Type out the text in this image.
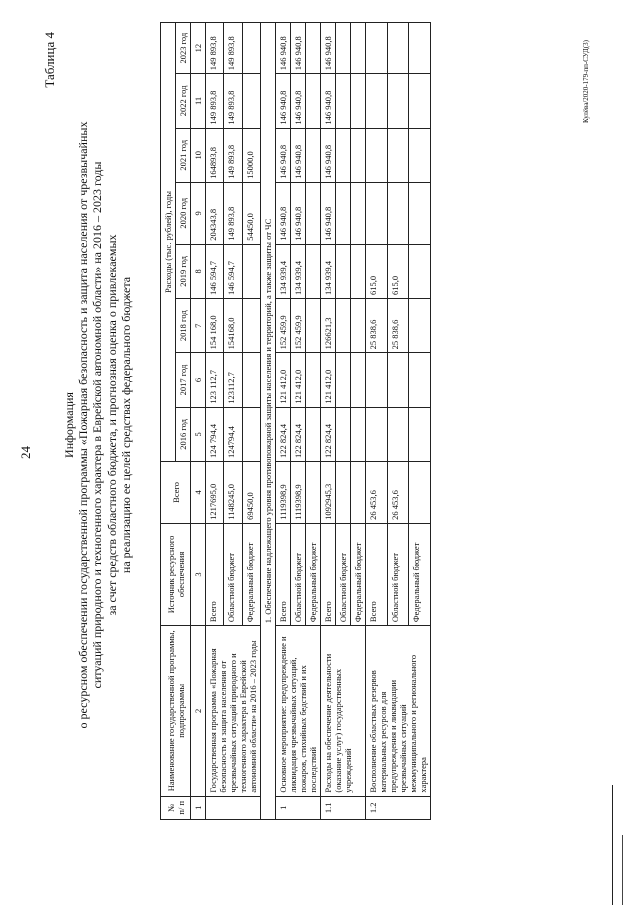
24
Таблица 4
Информация о ресурсном обеспечении государственной программы «Пожарная безопасность и защита населения от чрезвычайных ситуаций природного и техногенного характера в Еврейской автономной области» на 2016 – 2023 годы за счет средств областного бюджета, и прогнозная оценка о привлекаемых на реализацию ее целей средствах федерального бюджета
№ п/ п	Наименование государственной программы, подпрограммы	Источник ресурсного обеспечения	Всего	Расходы (тыс. рублей), годы							
				2016 год	2017 год	2018 год	2019 год	2020 год	2021 год	2022 год	2023 год
1	2	3	4	5	6	7	8	9	10	11	12
	Государственная программа «Пожарная безопасность и защита населения от чрезвычайных ситуаций природного и техногенного характера в Еврейской автономной области» на 2016 – 2023 годы	Всего	1217695,0	124 794,4	123 112,7	154 168,0	146 594,7	204343,8	164893,8	149 893,8	149 893,8
		Областной бюджет	1148245,0	124794,4	123112,7	154168,0	146 594,7	149 893,8	149 893,8	149 893,8	149 893,8
		Федеральный бюджет	69450,0					54450,0	15000,0		
1. Обеспечение надлежащего уровня противопожарной защиты населения и территорий, а также защиты от ЧС											
1	Основное мероприятие: предупреждение и ликвидация чрезвычайных ситуаций, пожаров, стихийных бедствий и их последствий	Всего	1119398,9	122 824,4	121 412,0	152 459,9	134 939,4	146 940,8	146 940,8	146 940,8	146 940,8
		Областной бюджет	1119398,9	122 824,4	121 412,0	152 459,9	134 939,4	146 940,8	146 940,8	146 940,8	146 940,8
		Федеральный бюджет									
1.1	Расходы на обеспечение деятельности (оказание услуг) государственных учреждений	Всего	1092945,3	122 824,4	121 412,0	126621,3	134 939,4	146 940,8	146 940,8	146 940,8	146 940,8
		Областной бюджет									
		Федеральный бюджет									
1.2	Восполнение областных резервов материальных ресурсов для предупреждения и ликвидации чрезвычайных ситуаций межмуниципального и регионального характера	Всего	26 453,6			25 838,6	615,0				
		Областной бюджет	26 453,6			25 838,6	615,0				
		Федеральный бюджет									
Кулёва/2020-179-пп-СУД(3)
